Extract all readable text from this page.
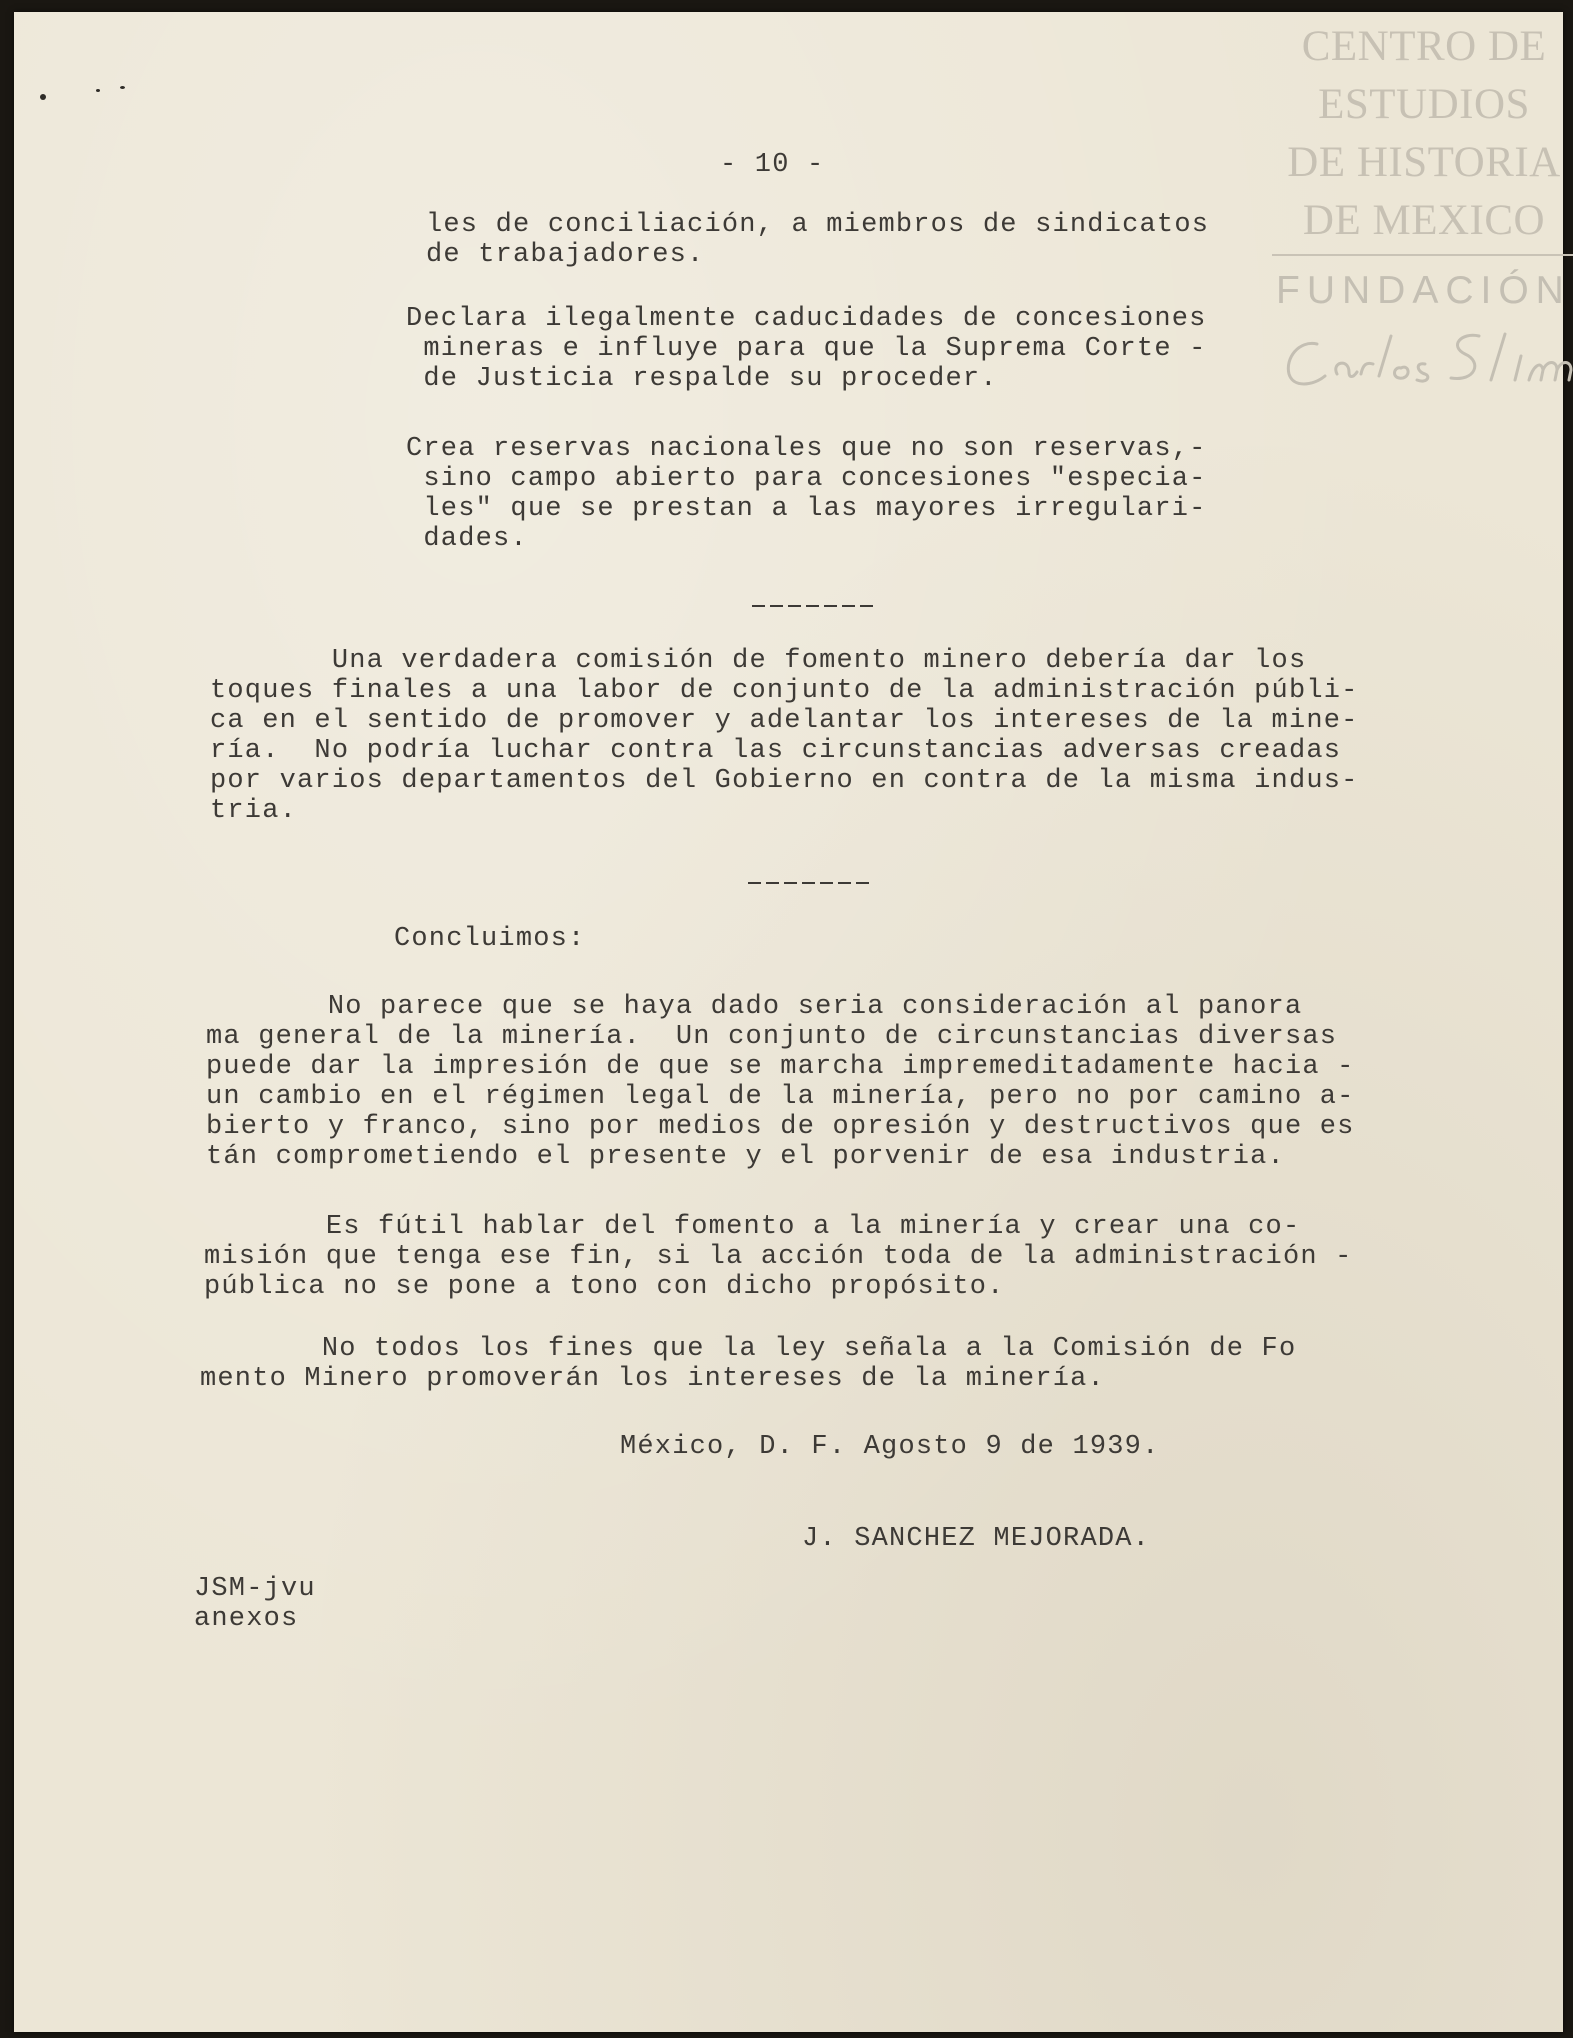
CENTRO DE
ESTUDIOS
DE HISTORIA
DE MEXICO
FUNDACIÓN

- 10 -

les de conciliación, a miembros de sindicatos
de trabajadores.

Declara ilegalmente caducidades de concesiones
mineras e influye para que la Suprema Corte -
de Justicia respalde su proceder.

Crea reservas nacionales que no son reservas,-
sino campo abierto para concesiones "especia-
les" que se prestan a las mayores irregulari-
dades.

Una verdadera comisión de fomento minero debería dar los
toques finales a una labor de conjunto de la administración públi-
ca en el sentido de promover y adelantar los intereses de la mine-
ría.  No podría luchar contra las circunstancias adversas creadas
por varios departamentos del Gobierno en contra de la misma indus-
tria.

Concluimos:

No parece que se haya dado seria consideración al panora
ma general de la minería.  Un conjunto de circunstancias diversas
puede dar la impresión de que se marcha impremeditadamente hacia -
un cambio en el régimen legal de la minería, pero no por camino a-
bierto y franco, sino por medios de opresión y destructivos que es
tán comprometiendo el presente y el porvenir de esa industria.

Es fútil hablar del fomento a la minería y crear una co-
misión que tenga ese fin, si la acción toda de la administración -
pública no se pone a tono con dicho propósito.

No todos los fines que la ley señala a la Comisión de Fo
mento Minero promoverán los intereses de la minería.

México, D. F. Agosto 9 de 1939.

J. SANCHEZ MEJORADA.

JSM-jvu
anexos
